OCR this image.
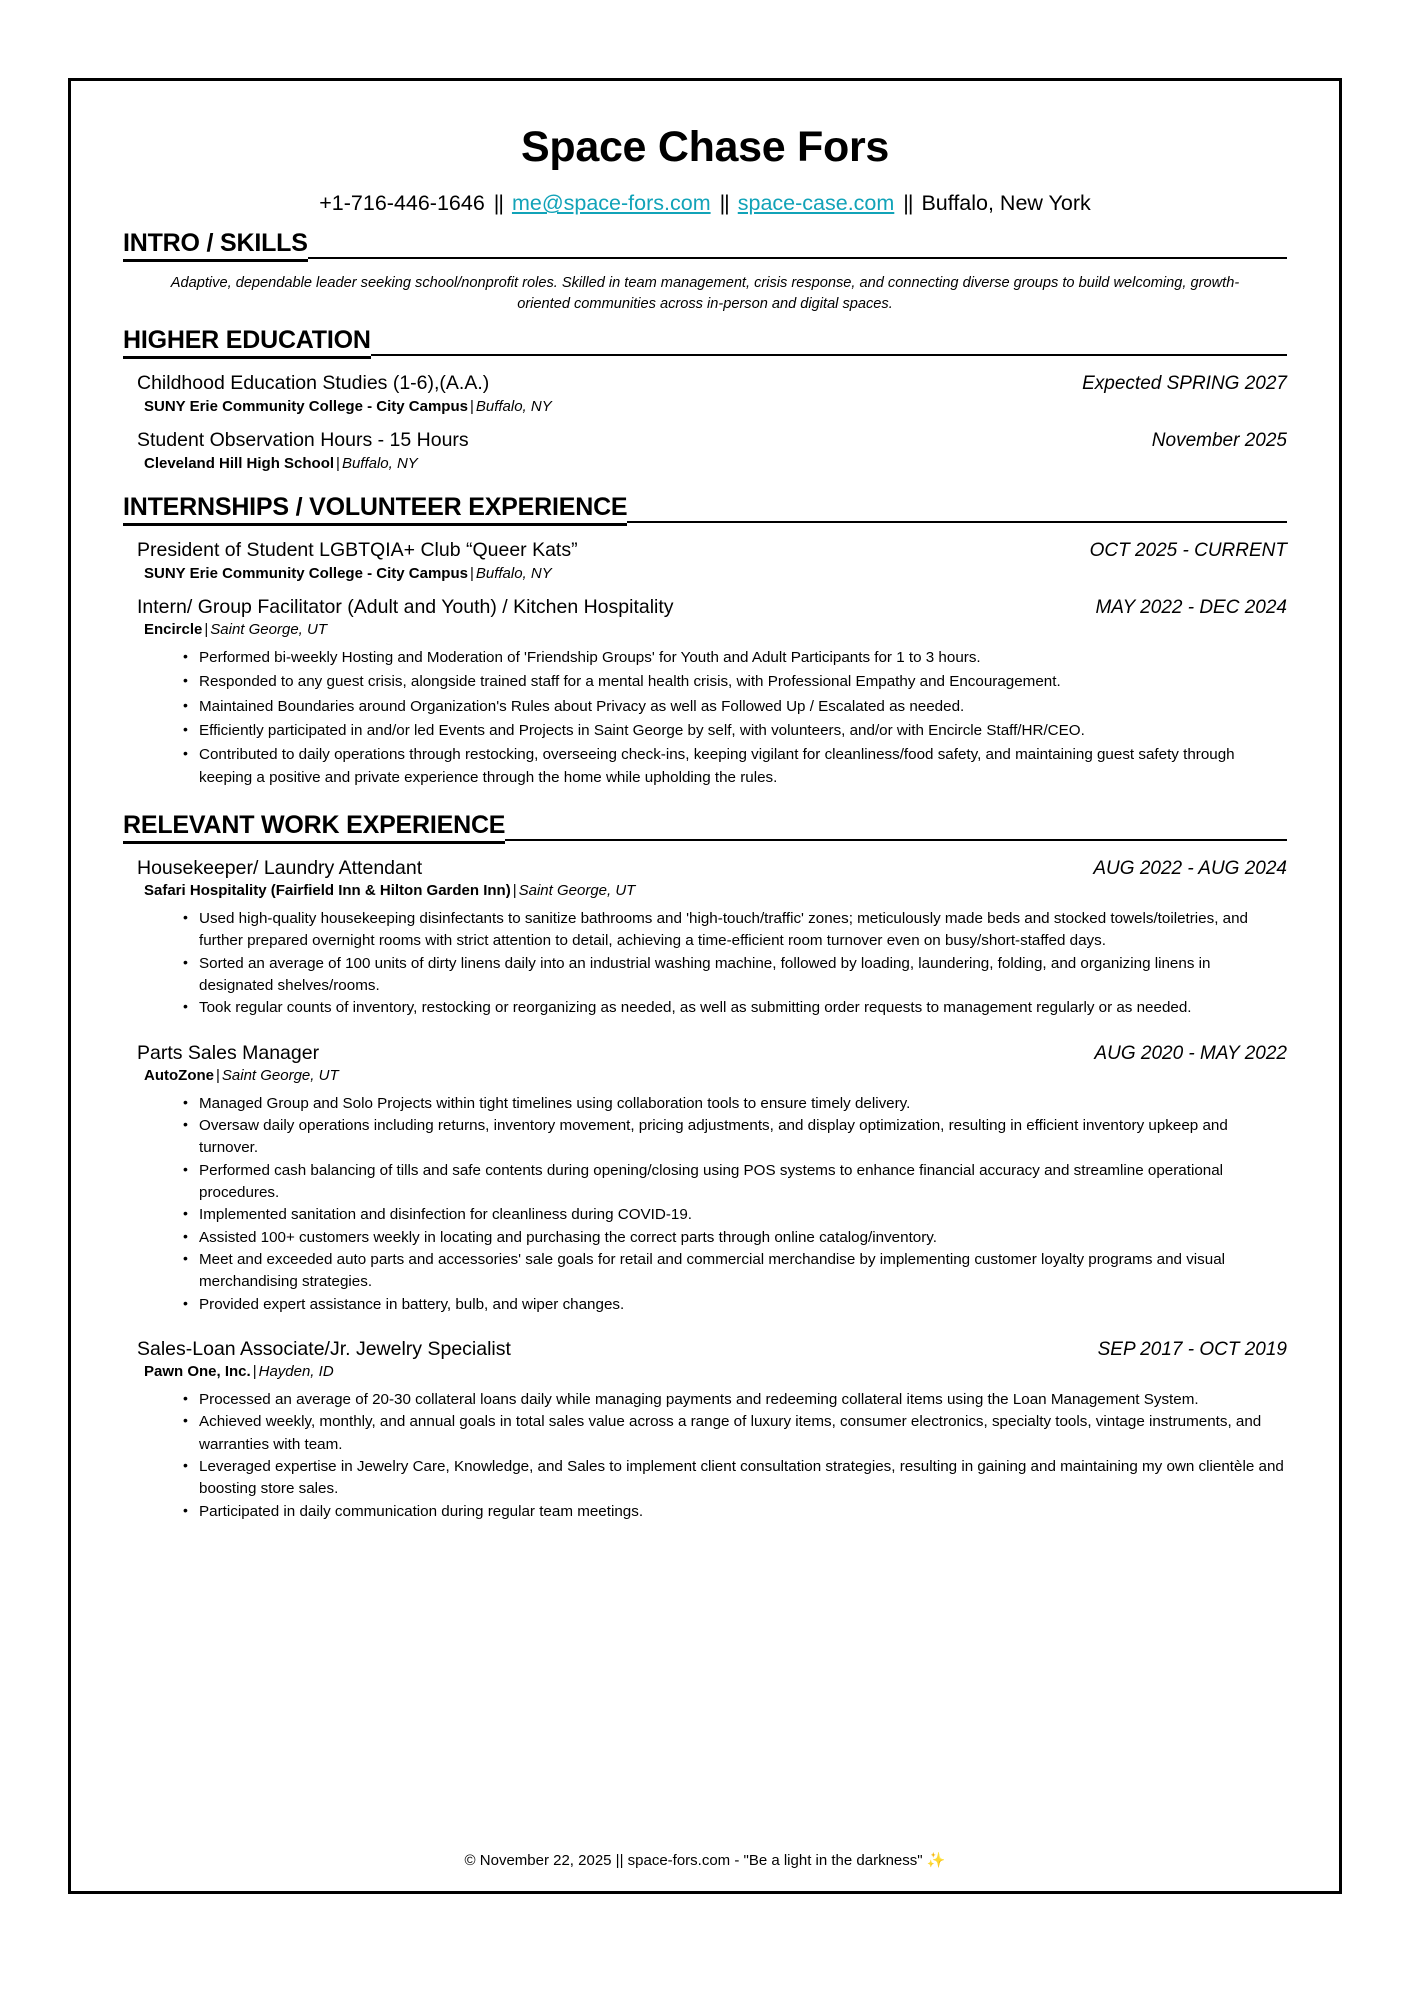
Space Chase Fors
+1-716-446-1646 || me@space-fors.com || space-case.com || Buffalo, New York
INTRO / SKILLS
Adaptive, dependable leader seeking school/nonprofit roles. Skilled in team management, crisis response, and connecting diverse groups to build welcoming, growth-oriented communities across in-person and digital spaces.
HIGHER EDUCATION
Childhood Education Studies (1-6),(A.A.)	Expected SPRING 2027
SUNY Erie Community College - City Campus | Buffalo, NY
Student Observation Hours - 15 Hours	November 2025
Cleveland Hill High School | Buffalo, NY
INTERNSHIPS / VOLUNTEER EXPERIENCE
President of Student LGBTQIA+ Club “Queer Kats”	OCT 2025 - CURRENT
SUNY Erie Community College - City Campus | Buffalo, NY
Intern/ Group Facilitator (Adult and Youth) / Kitchen Hospitality	MAY 2022 - DEC 2024
Encircle | Saint George, UT
• Performed bi-weekly Hosting and Moderation of 'Friendship Groups' for Youth and Adult Participants for 1 to 3 hours.
• Responded to any guest crisis, alongside trained staff for a mental health crisis, with Professional Empathy and Encouragement.
• Maintained Boundaries around Organization's Rules about Privacy as well as Followed Up / Escalated as needed.
• Efficiently participated in and/or led Events and Projects in Saint George by self, with volunteers, and/or with Encircle Staff/HR/CEO.
• Contributed to daily operations through restocking, overseeing check-ins, keeping vigilant for cleanliness/food safety, and maintaining guest safety through keeping a positive and private experience through the home while upholding the rules.
RELEVANT WORK EXPERIENCE
Housekeeper/ Laundry Attendant	AUG 2022 - AUG 2024
Safari Hospitality (Fairfield Inn & Hilton Garden Inn) | Saint George, UT
• Used high-quality housekeeping disinfectants to sanitize bathrooms and 'high-touch/traffic' zones; meticulously made beds and stocked towels/toiletries, and further prepared overnight rooms with strict attention to detail, achieving a time-efficient room turnover even on busy/short-staffed days.
• Sorted an average of 100 units of dirty linens daily into an industrial washing machine, followed by loading, laundering, folding, and organizing linens in designated shelves/rooms.
• Took regular counts of inventory, restocking or reorganizing as needed, as well as submitting order requests to management regularly or as needed.
Parts Sales Manager	AUG 2020 - MAY 2022
AutoZone | Saint George, UT
• Managed Group and Solo Projects within tight timelines using collaboration tools to ensure timely delivery.
• Oversaw daily operations including returns, inventory movement, pricing adjustments, and display optimization, resulting in efficient inventory upkeep and turnover.
• Performed cash balancing of tills and safe contents during opening/closing using POS systems to enhance financial accuracy and streamline operational procedures.
• Implemented sanitation and disinfection for cleanliness during COVID-19.
• Assisted 100+ customers weekly in locating and purchasing the correct parts through online catalog/inventory.
• Meet and exceeded auto parts and accessories' sale goals for retail and commercial merchandise by implementing customer loyalty programs and visual merchandising strategies.
• Provided expert assistance in battery, bulb, and wiper changes.
Sales-Loan Associate/Jr. Jewelry Specialist	SEP 2017 - OCT 2019
Pawn One, Inc. | Hayden, ID
• Processed an average of 20-30 collateral loans daily while managing payments and redeeming collateral items using the Loan Management System.
• Achieved weekly, monthly, and annual goals in total sales value across a range of luxury items, consumer electronics, specialty tools, vintage instruments, and warranties with team.
• Leveraged expertise in Jewelry Care, Knowledge, and Sales to implement client consultation strategies, resulting in gaining and maintaining my own clientèle and boosting store sales.
• Participated in daily communication during regular team meetings.
© November 22, 2025 || space-fors.com - "Be a light in the darkness" ✨
